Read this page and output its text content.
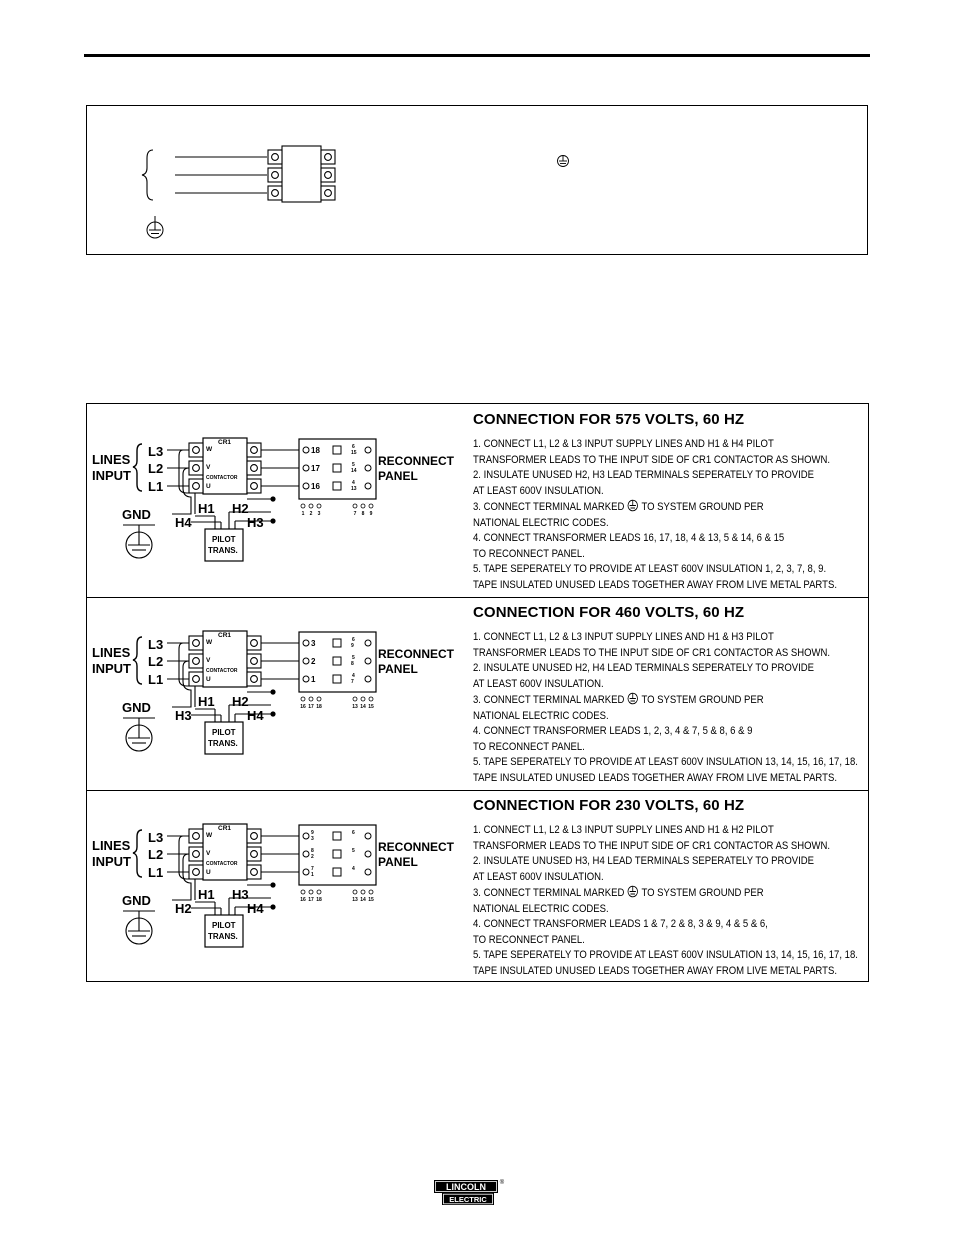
18	6
15
17	5
14
16	4
13
1 2 3	7 8 9
LINES
INPUT
L3
L2
L1
GND
CR1
W
V
CONTACTOR
U
H1 H2
H4	H3
PILOT
TRANS.
RECONNECT
PANEL
CONNECTION FOR 575 VOLTS, 60 HZ
1. CONNECT L1, L2 & L3 INPUT SUPPLY LINES AND H1 & H4 PILOT
TRANSFORMER LEADS TO THE INPUT SIDE OF CR1 CONTACTOR AS SHOWN.
2. INSULATE UNUSED H2, H3 LEAD TERMINALS SEPERATELY TO PROVIDE
AT LEAST 600V INSULATION.
3. CONNECT TERMINAL MARKED TO SYSTEM GROUND PER
NATIONAL ELECTRIC CODES.
4. CONNECT TRANSFORMER LEADS 16, 17, 18, 4 & 13, 5 & 14, 6 & 15
TO RECONNECT PANEL.
5. TAPE SEPERATELY TO PROVIDE AT LEAST 600V INSULATION 1, 2, 3, 7, 8, 9.
TAPE INSULATED UNUSED LEADS TOGETHER AWAY FROM LIVE METAL PARTS.
3	6
9
2	5
8
1	4
7
16 17 18	13 14 15
LINES
INPUT
L3
L2
L1
GND
CR1
W
V
CONTACTOR
U
H1 H2
H3	H4
PILOT
TRANS.
RECONNECT
PANEL
CONNECTION FOR 460 VOLTS, 60 HZ
1. CONNECT L1, L2 & L3 INPUT SUPPLY LINES AND H1 & H3 PILOT
TRANSFORMER LEADS TO THE INPUT SIDE OF CR1 CONTACTOR AS SHOWN.
2. INSULATE UNUSED H2, H4 LEAD TERMINALS SEPERATELY TO PROVIDE
AT LEAST 600V INSULATION.
3. CONNECT TERMINAL MARKED TO SYSTEM GROUND PER
NATIONAL ELECTRIC CODES.
4. CONNECT TRANSFORMER LEADS 1, 2, 3, 4 & 7, 5 & 8, 6 & 9
TO RECONNECT PANEL.
5. TAPE SEPERATELY TO PROVIDE AT LEAST 600V INSULATION 13, 14, 15, 16, 17, 18.
TAPE INSULATED UNUSED LEADS TOGETHER AWAY FROM LIVE METAL PARTS.
9
3
6
8
2
5
7
1
4
16 17 18	13 14 15
LINES
INPUT
L3
L2
L1
GND
CR1
W
V
CONTACTOR
U
H1 H3
H2	H4
PILOT
TRANS.
RECONNECT
PANEL
CONNECTION FOR 230 VOLTS, 60 HZ
1. CONNECT L1, L2 & L3 INPUT SUPPLY LINES AND H1 & H2 PILOT
TRANSFORMER LEADS TO THE INPUT SIDE OF CR1 CONTACTOR AS SHOWN.
2. INSULATE UNUSED H3, H4 LEAD TERMINALS SEPERATELY TO PROVIDE
AT LEAST 600V INSULATION.
3. CONNECT TERMINAL MARKED TO SYSTEM GROUND PER
NATIONAL ELECTRIC CODES.
4. CONNECT TRANSFORMER LEADS 1 & 7, 2 & 8, 3 & 9, 4 & 5 & 6,
TO RECONNECT PANEL.
5. TAPE SEPERATELY TO PROVIDE AT LEAST 600V INSULATION 13, 14, 15, 16, 17, 18.
TAPE INSULATED UNUSED LEADS TOGETHER AWAY FROM LIVE METAL PARTS.
LINCOLN ®
ELECTRIC
